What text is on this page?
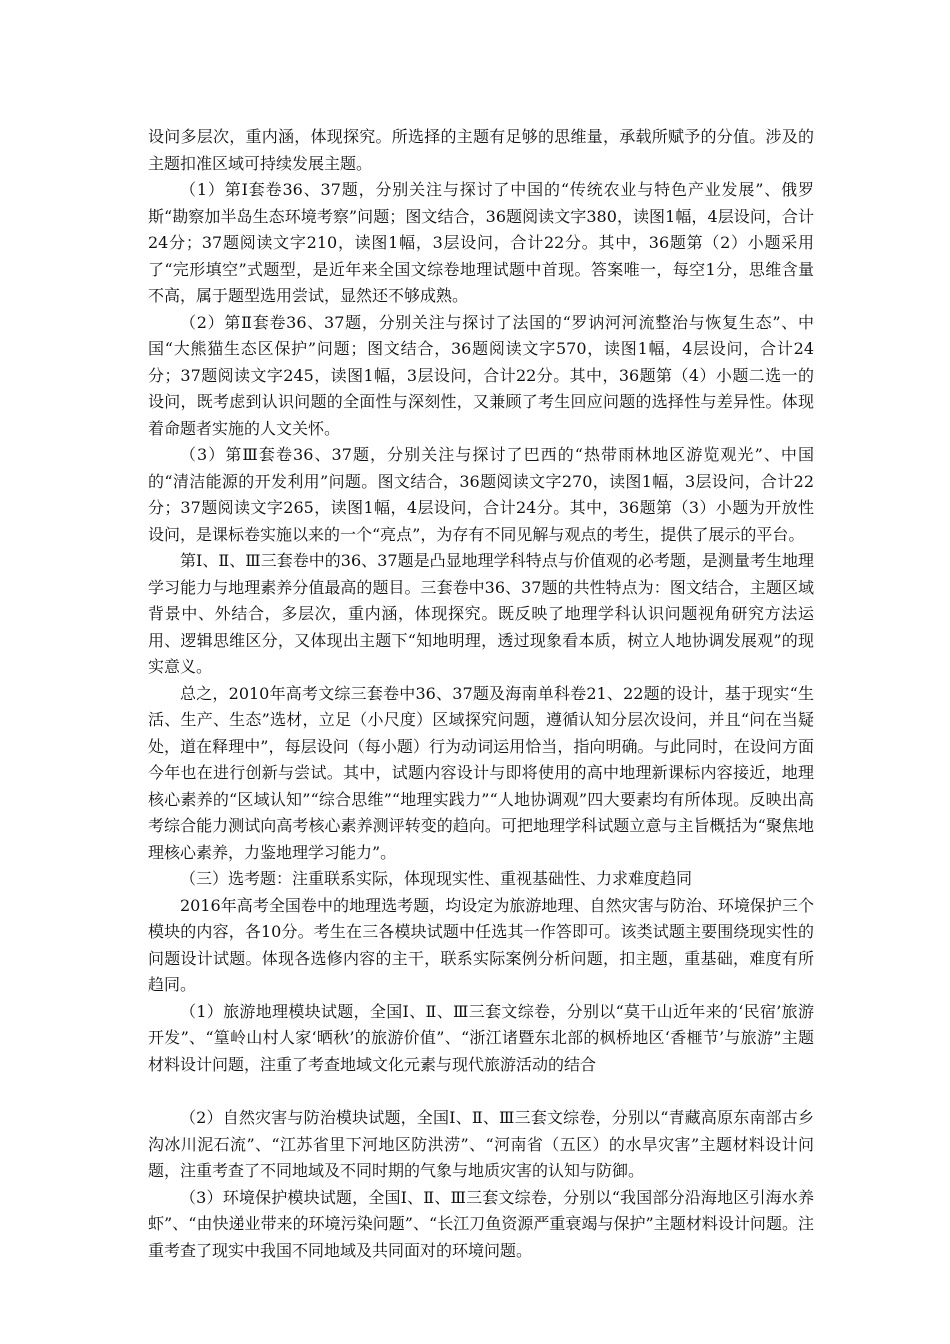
设问多层次，重内涵，体现探究。所选择的主题有足够的思维量，承载所赋予的分值。涉及的主题扣准区域可持续发展主题。

（1）第Ⅰ套卷36、37题，分别关注与探讨了中国的“传统农业与特色产业发展”、俄罗斯“勘察加半岛生态环境考察”问题；图文结合，36题阅读文字380，读图1幅，4层设问，合计24分；37题阅读文字210，读图1幅，3层设问，合计22分。其中，36题第（2）小题采用了“完形填空”式题型，是近年来全国文综卷地理试题中首现。答案唯一，每空1分，思维含量不高，属于题型选用尝试，显然还不够成熟。

（2）第Ⅱ套卷36、37题，分别关注与探讨了法国的“罗讷河河流整治与恢复生态”、中国“大熊猫生态区保护”问题；图文结合，36题阅读文字570，读图1幅，4层设问，合计24分；37题阅读文字245，读图1幅，3层设问，合计22分。其中，36题第（4）小题二选一的设问，既考虑到认识问题的全面性与深刻性，又兼顾了考生回应问题的选择性与差异性。体现着命题者实施的人文关怀。

（3）第Ⅲ套卷36、37题，分别关注与探讨了巴西的“热带雨林地区游览观光”、中国的“清洁能源的开发利用”问题。图文结合，36题阅读文字270，读图1幅，3层设问，合计22分；37题阅读文字265，读图1幅，4层设问，合计24分。其中，36题第（3）小题为开放性设问，是课标卷实施以来的一个“亮点”，为存有不同见解与观点的考生，提供了展示的平台。

第Ⅰ、Ⅱ、Ⅲ三套卷中的36、37题是凸显地理学科特点与价值观的必考题，是测量考生地理学习能力与地理素养分值最高的题目。三套卷中36、37题的共性特点为：图文结合，主题区域背景中、外结合，多层次，重内涵，体现探究。既反映了地理学科认识问题视角研究方法运用、逻辑思维区分，又体现出主题下“知地明理，透过现象看本质，树立人地协调发展观”的现实意义。

总之，2010年高考文综三套卷中36、37题及海南单科卷21、22题的设计，基于现实“生活、生产、生态”选材，立足（小尺度）区域探究问题，遵循认知分层次设问，并且“问在当疑处，道在释理中”，每层设问（每小题）行为动词运用恰当，指向明确。与此同时，在设问方面今年也在进行创新与尝试。其中，试题内容设计与即将使用的高中地理新课标内容接近，地理核心素养的“区域认知”“综合思维”“地理实践力”“人地协调观”四大要素均有所体现。反映出高考综合能力测试向高考核心素养测评转变的趋向。可把地理学科试题立意与主旨概括为“聚焦地理核心素养，力鉴地理学习能力”。

（三）选考题：注重联系实际，体现现实性、重视基础性、力求难度趋同

2016年高考全国卷中的地理选考题，均设定为旅游地理、自然灾害与防治、环境保护三个模块的内容，各10分。考生在三各模块试题中任选其一作答即可。该类试题主要围绕现实性的问题设计试题。体现各选修内容的主干，联系实际案例分析问题，扣主题，重基础，难度有所趋同。

（1）旅游地理模块试题，全国Ⅰ、Ⅱ、Ⅲ三套文综卷，分别以“莫干山近年来的‘民宿’旅游开发”、“篁岭山村人家‘晒秋’的旅游价值”、“浙江诸暨东北部的枫桥地区‘香榧节’与旅游”主题材料设计问题，注重了考查地域文化元素与现代旅游活动的结合

（2）自然灾害与防治模块试题，全国Ⅰ、Ⅱ、Ⅲ三套文综卷，分别以“青藏高原东南部古乡沟冰川泥石流”、“江苏省里下河地区防洪涝”、“河南省（五区）的水旱灾害”主题材料设计问题，注重考查了不同地域及不同时期的气象与地质灾害的认知与防御。

（3）环境保护模块试题，全国Ⅰ、Ⅱ、Ⅲ三套文综卷，分别以“我国部分沿海地区引海水养虾”、“由快递业带来的环境污染问题”、“长江刀鱼资源严重衰竭与保护”主题材料设计问题。注重考查了现实中我国不同地域及共同面对的环境问题。
